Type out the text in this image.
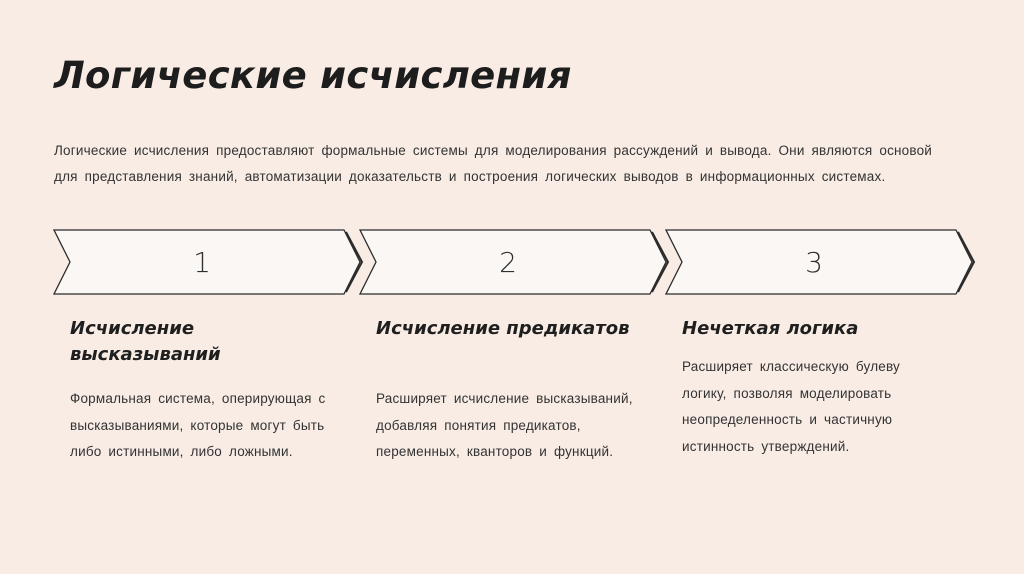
Логические исчисления

Логические исчисления предоставляют формальные системы для моделирования рассуждений и вывода. Они являются основой для представления знаний, автоматизации доказательств и построения логических выводов в информационных системах.

1	2	3
Исчисление высказываний

Формальная система, оперирующая с высказываниями, которые могут быть либо истинными, либо ложными.

Исчисление предикатов

Расширяет исчисление высказываний, добавляя понятия предикатов, переменных, кванторов и функций.

Нечеткая логика

Расширяет классическую булеву логику, позволяя моделировать неопределенность и частичную истинность утверждений.
